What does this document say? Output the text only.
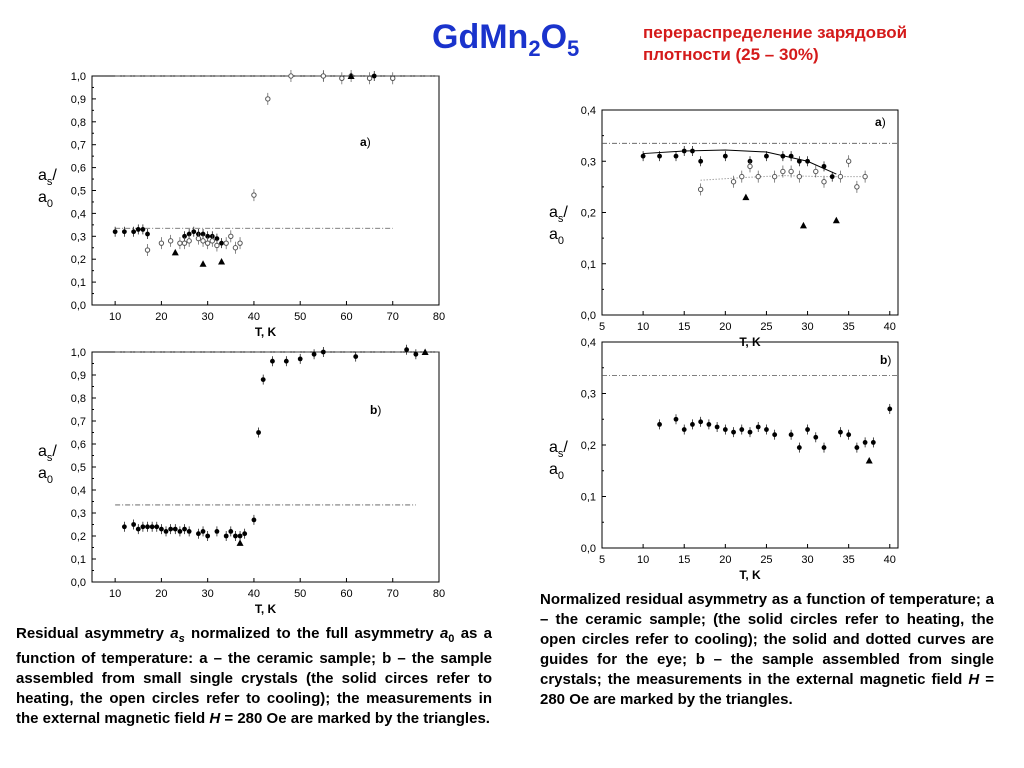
$GdMn_2O_5$
перераспределение зарядовой
плотности (25 – 30%)
0,0
0,1
0,2
0,3
0,4
0,5
0,6
0,7
0,8
0,9
1,0
10	20	30	40	50	60	70	80
T, K
$a_s/$
$a_0$
a)
0,0
0,1
0,2
0,3
0,4
0,5
0,6
0,7
0,8
0,9
1,0
10	20	30	40	50	60	70	80
T, K
$a_s/$
$a_0$
b)
0,0
0,1
0,2
0,3
0,4
5	10	15	20	25	30	35	40
T, K
$a_s/$
$a_0$
a)
0,0
0,1
0,2
0,3
0,4
5	10	15	20	25	30	35	40
T, K
$a_s/$
$a_0$
b)
Residual asymmetry $a_s$ normalized to the full asymmetry $a_0$ as a function of temperature: a – the ceramic sample; b – the sample assembled from small single crystals (the solid circes refer to heating, the open circles refer to cooling); the measurements in the external magnetic field H = 280 Oe are marked by the triangles.
Normalized residual asymmetry as a function of temperature; a – the ceramic sample; (the solid circles refer to heating, the open circles refer to cooling); the solid and dotted curves are guides for the eye; b – the sample assembled from single crystals; the measurements in the external magnetic field H = 280 Oe are marked by the triangles.
